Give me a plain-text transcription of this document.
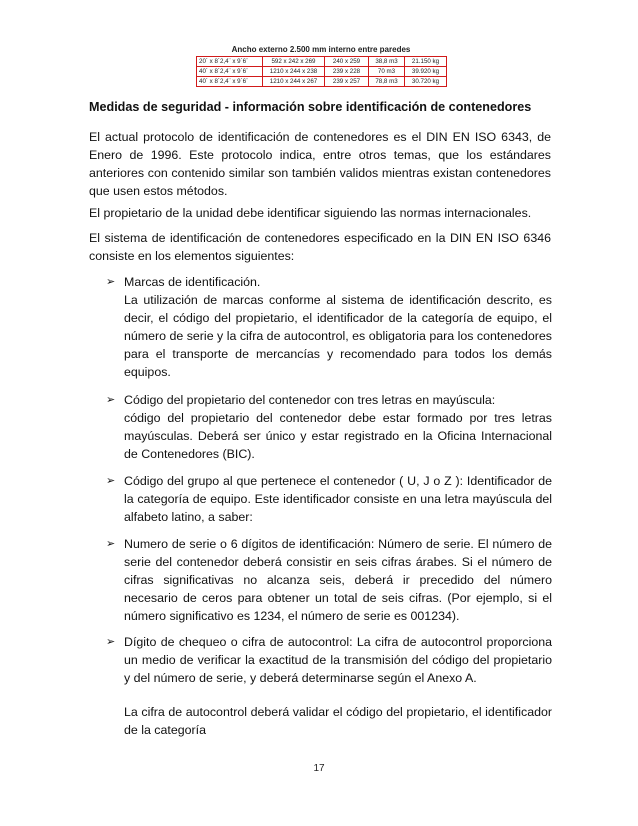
Ancho externo 2.500 mm interno entre paredes
20´ x 8´2,4¨ x 9´6¨	592 x 242 x 269	240 x 259	38,8 m3	21.150 kg
40´ x 8´2,4¨ x 9´6¨	1210 x 244 x 238	239 x 228	70 m3	39.920 kg
40´ x 8´2,4¨ x 9´6¨	1210 x 244 x 267	239 x 257	78,8 m3	30.720 kg
Medidas de seguridad - información sobre identificación de contenedores
El actual protocolo de identificación de contenedores es el DIN EN ISO 6343, de Enero de 1996. Este protocolo indica, entre otros temas, que los estándares anteriores con contenido similar son también validos mientras existan contenedores que usen estos métodos.
El propietario de la unidad debe identificar siguiendo las normas internacionales.
El sistema de identificación de contenedores especificado en la DIN EN ISO 6346 consiste en los elementos siguientes:
➢ Marcas de identificación.
La utilización de marcas conforme al sistema de identificación descrito, es decir, el código del propietario, el identificador de la categoría de equipo, el número de serie y la cifra de autocontrol, es obligatoria para los contenedores para el transporte de mercancías y recomendado para todos los demás equipos.
➢ Código del propietario del contenedor con tres letras en mayúscula:
código del propietario del contenedor debe estar formado por tres letras mayúsculas. Deberá ser único y estar registrado en la Oficina Internacional de Contenedores (BIC).
➢ Código del grupo al que pertenece el contenedor ( U, J o Z ): Identificador de la categoría de equipo. Este identificador consiste en una letra mayúscula del alfabeto latino, a saber:
➢ Numero de serie o 6 dígitos de identificación: Número de serie. El número de serie del contenedor deberá consistir en seis cifras árabes. Si el número de cifras significativas no alcanza seis, deberá ir precedido del número necesario de ceros para obtener un total de seis cifras. (Por ejemplo, si el número significativo es 1234, el número de serie es 001234).
➢ Dígito de chequeo o cifra de autocontrol: La cifra de autocontrol proporciona un medio de verificar la exactitud de la transmisión del código del propietario y del número de serie, y deberá determinarse según el Anexo A.
La cifra de autocontrol deberá validar el código del propietario, el identificador de la categoría
17
